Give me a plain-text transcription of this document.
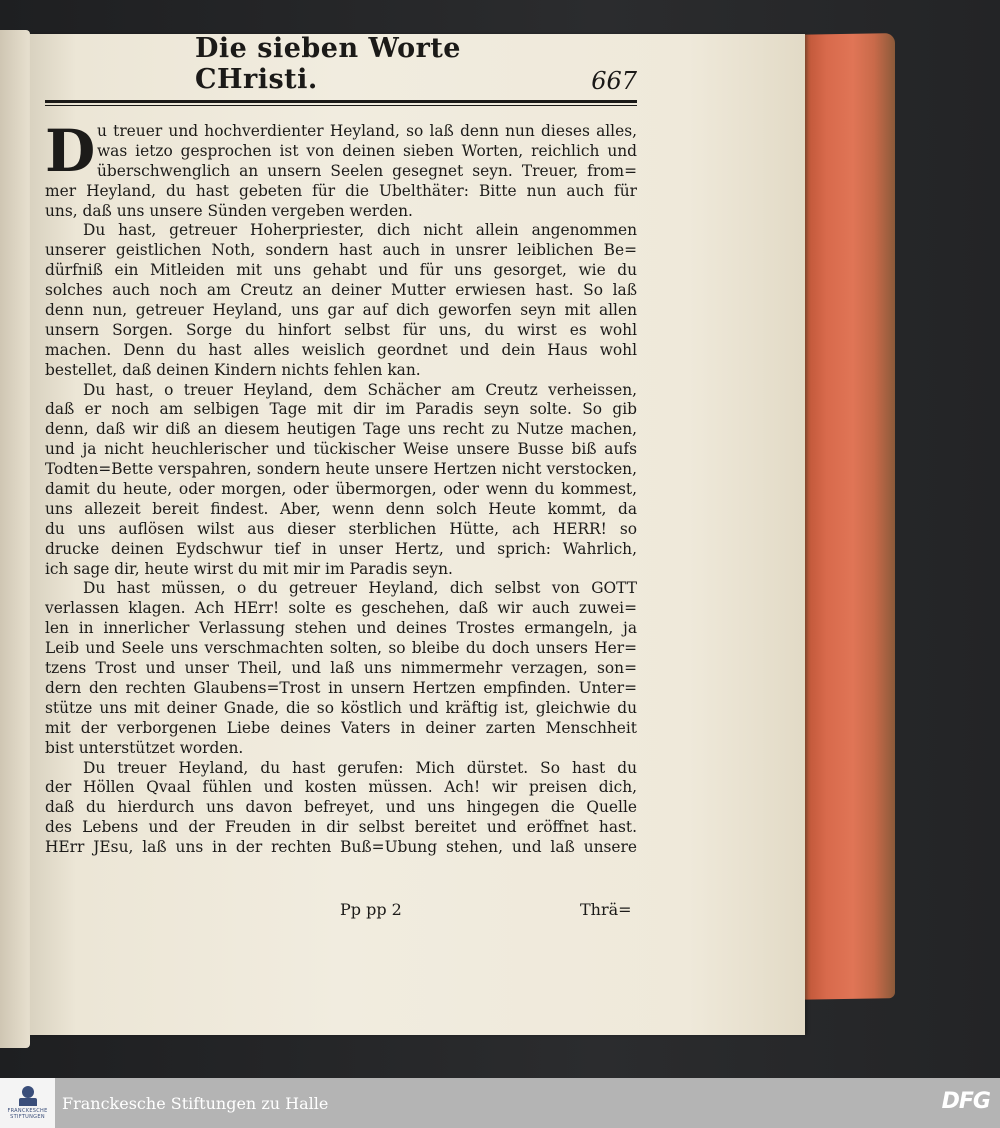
Die sieben Worte CHristi.	667
D u treuer und hochverdienter Heyland, so laß denn nun dieses alles,
was ietzo gesprochen ist von deinen sieben Worten, reichlich und
überschwenglich an unsern Seelen gesegnet seyn. Treuer, from=
mer Heyland, du hast gebeten für die Ubelthäter: Bitte nun auch für
uns, daß uns unsere Sünden vergeben werden.
Du hast, getreuer Hoherpriester, dich nicht allein angenommen
unserer geistlichen Noth, sondern hast auch in unsrer leiblichen Be=
dürfniß ein Mitleiden mit uns gehabt und für uns gesorget, wie du
solches auch noch am Creutz an deiner Mutter erwiesen hast. So laß
denn nun, getreuer Heyland, uns gar auf dich geworfen seyn mit allen
unsern Sorgen. Sorge du hinfort selbst für uns, du wirst es wohl
machen. Denn du hast alles weislich geordnet und dein Haus wohl
bestellet, daß deinen Kindern nichts fehlen kan.
Du hast, o treuer Heyland, dem Schächer am Creutz verheissen,
daß er noch am selbigen Tage mit dir im Paradis seyn solte. So gib
denn, daß wir diß an diesem heutigen Tage uns recht zu Nutze machen,
und ja nicht heuchlerischer und tückischer Weise unsere Busse biß aufs
Todten=Bette verspahren, sondern heute unsere Hertzen nicht verstocken,
damit du heute, oder morgen, oder übermorgen, oder wenn du kommest,
uns allezeit bereit findest. Aber, wenn denn solch Heute kommt, da
du uns auflösen wilst aus dieser sterblichen Hütte, ach HERR! so
drucke deinen Eydschwur tief in unser Hertz, und sprich: Wahrlich,
ich sage dir, heute wirst du mit mir im Paradis seyn.
Du hast müssen, o du getreuer Heyland, dich selbst von GOTT
verlassen klagen. Ach HErr! solte es geschehen, daß wir auch zuwei=
len in innerlicher Verlassung stehen und deines Trostes ermangeln, ja
Leib und Seele uns verschmachten solten, so bleibe du doch unsers Her=
tzens Trost und unser Theil, und laß uns nimmermehr verzagen, son=
dern den rechten Glaubens=Trost in unsern Hertzen empfinden. Unter=
stütze uns mit deiner Gnade, die so köstlich und kräftig ist, gleichwie du
mit der verborgenen Liebe deines Vaters in deiner zarten Menschheit
bist unterstützet worden.
Du treuer Heyland, du hast gerufen: Mich dürstet. So hast du
der Höllen Qvaal fühlen und kosten müssen. Ach! wir preisen dich,
daß du hierdurch uns davon befreyet, und uns hingegen die Quelle
des Lebens und der Freuden in dir selbst bereitet und eröffnet hast.
HErr JEsu, laß uns in der rechten Buß=Ubung stehen, und laß unsere
Pp pp 2	Thrä=
FRANCKESCHE
STIFTUNGEN
Franckesche Stiftungen zu Halle	DFG
